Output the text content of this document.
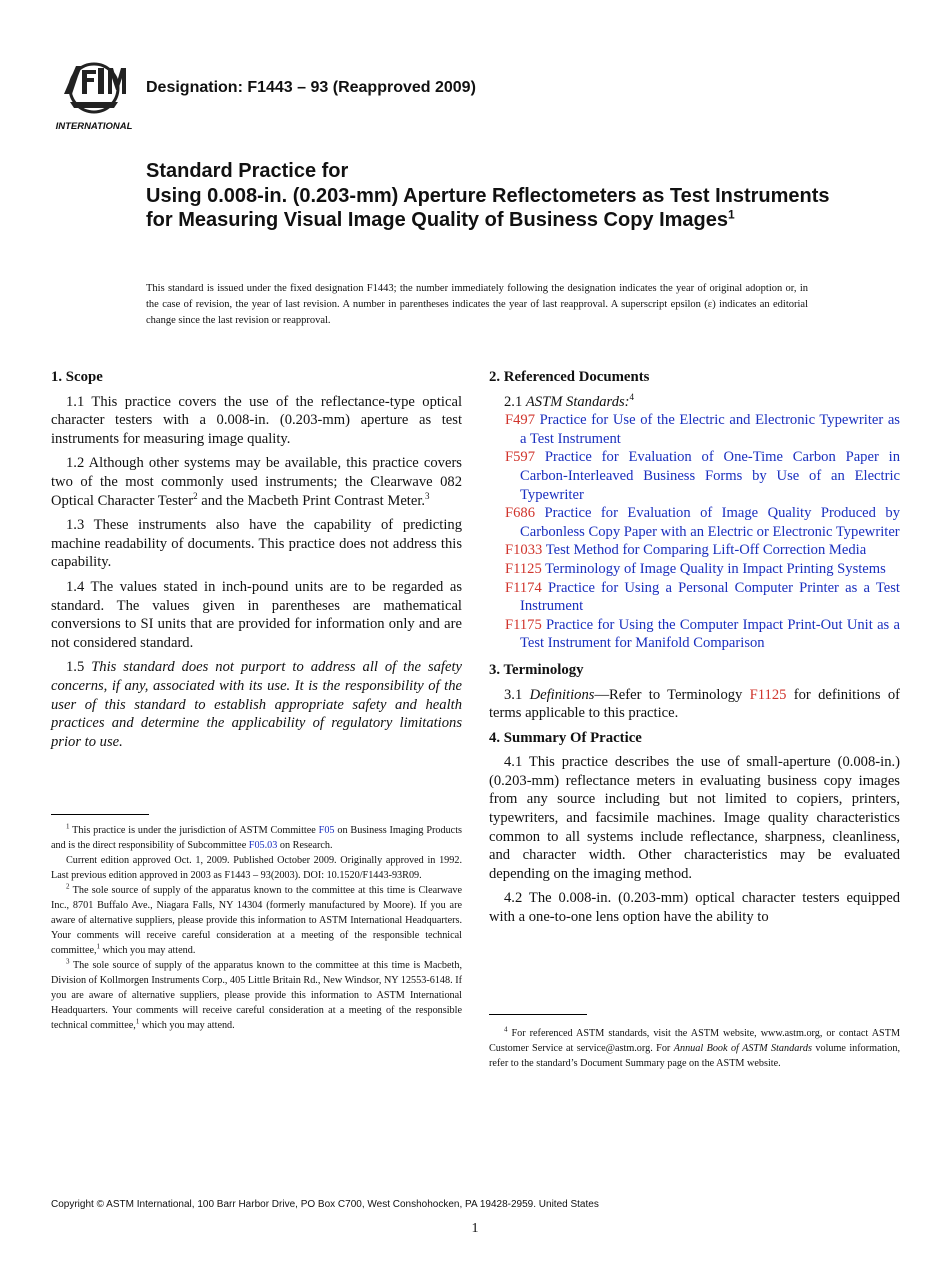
INTERNATIONAL
Designation: F1443 – 93 (Reapproved 2009)
Standard Practice for
Using 0.008-in. (0.203-mm) Aperture Reflectometers as Test Instruments for Measuring Visual Image Quality of Business Copy Images$^1$
This standard is issued under the fixed designation F1443; the number immediately following the designation indicates the year of original adoption or, in the case of revision, the year of last revision. A number in parentheses indicates the year of last reapproval. A superscript epsilon (ε) indicates an editorial change since the last revision or reapproval.
1. Scope

1.1 This practice covers the use of the reflectance-type optical character testers with a 0.008-in. (0.203-mm) aperture as test instruments for measuring image quality.

1.2 Although other systems may be available, this practice covers two of the most commonly used instruments; the Clearwave 082 Optical Character Tester$^2$ and the Macbeth Print Contrast Meter.$^3$

1.3 These instruments also have the capability of predicting machine readability of documents. This practice does not address this capability.

1.4 The values stated in inch-pound units are to be regarded as standard. The values given in parentheses are mathematical conversions to SI units that are provided for information only and are not considered standard.

1.5 This standard does not purport to address all of the safety concerns, if any, associated with its use. It is the responsibility of the user of this standard to establish appropriate safety and health practices and determine the applicability of regulatory limitations prior to use.

2. Referenced Documents

2.1 ASTM Standards:$^4$

F497 Practice for Use of the Electric and Electronic Typewriter as a Test Instrument
F597 Practice for Evaluation of One-Time Carbon Paper in Carbon-Interleaved Business Forms by Use of an Electric Typewriter
F686 Practice for Evaluation of Image Quality Produced by Carbonless Copy Paper with an Electric or Electronic Typewriter
F1033 Test Method for Comparing Lift-Off Correction Media
F1125 Terminology of Image Quality in Impact Printing Systems
F1174 Practice for Using a Personal Computer Printer as a Test Instrument
F1175 Practice for Using the Computer Impact Print-Out Unit as a Test Instrument for Manifold Comparison
3. Terminology

3.1 Definitions—Refer to Terminology F1125 for definitions of terms applicable to this practice.

4. Summary Of Practice

4.1 This practice describes the use of small-aperture (0.008-in.) (0.203-mm) reflectance meters in evaluating business copy images from any source including but not limited to copiers, printers, typewriters, and facsimile machines. Image quality characteristics common to all systems include reflectance, sharpness, cleanliness, and character width. Other characteristics may be evaluated depending on the imaging method.

4.2 The 0.008-in. (0.203-mm) optical character testers equipped with a one-to-one lens option have the ability to

$^1$ This practice is under the jurisdiction of ASTM Committee F05 on Business Imaging Products and is the direct responsibility of Subcommittee F05.03 on Research.

Current edition approved Oct. 1, 2009. Published October 2009. Originally approved in 1992. Last previous edition approved in 2003 as F1443 – 93(2003). DOI: 10.1520/F1443-93R09.

$^2$ The sole source of supply of the apparatus known to the committee at this time is Clearwave Inc., 8701 Buffalo Ave., Niagara Falls, NY 14304 (formerly manufactured by Moore). If you are aware of alternative suppliers, please provide this information to ASTM International Headquarters. Your comments will receive careful consideration at a meeting of the responsible technical committee,$^1$ which you may attend.

$^3$ The sole source of supply of the apparatus known to the committee at this time is Macbeth, Division of Kollmorgen Instruments Corp., 405 Little Britain Rd., New Windsor, NY 12553-6148. If you are aware of alternative suppliers, please provide this information to ASTM International Headquarters. Your comments will receive careful consideration at a meeting of the responsible technical committee,$^1$ which you may attend.	$^4$ For referenced ASTM standards, visit the ASTM website, www.astm.org, or contact ASTM Customer Service at service@astm.org. For Annual Book of ASTM Standards volume information, refer to the standard’s Document Summary page on the ASTM website.

Copyright © ASTM International, 100 Barr Harbor Drive, PO Box C700, West Conshohocken, PA 19428-2959. United States
1
